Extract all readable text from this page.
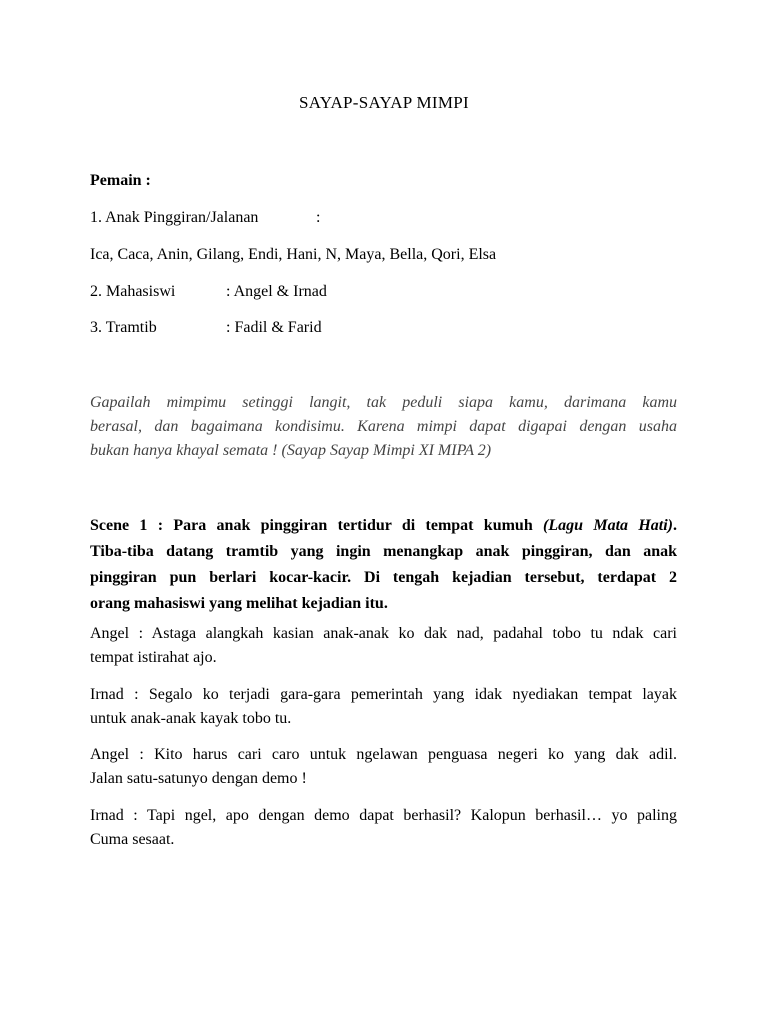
SAYAP-SAYAP MIMPI
Pemain :
1. Anak Pinggiran/Jalanan	:
Ica, Caca, Anin, Gilang, Endi, Hani, N, Maya, Bella, Qori, Elsa
2. Mahasiswi	: Angel & Irnad
3. Tramtib	: Fadil & Farid
Gapailah mimpimu setinggi langit, tak peduli siapa kamu, darimana kamu
berasal, dan bagaimana kondisimu. Karena mimpi dapat digapai dengan usaha
bukan hanya khayal semata ! (Sayap Sayap Mimpi XI MIPA 2)
Scene 1 : Para anak pinggiran tertidur di tempat kumuh (Lagu Mata Hati).
Tiba-tiba datang tramtib yang ingin menangkap anak pinggiran, dan anak
pinggiran pun berlari kocar-kacir. Di tengah kejadian tersebut, terdapat 2
orang mahasiswi yang melihat kejadian itu.
Angel : Astaga alangkah kasian anak-anak ko dak nad, padahal tobo tu ndak cari
tempat istirahat ajo.
Irnad : Segalo ko terjadi gara-gara pemerintah yang idak nyediakan tempat layak
untuk anak-anak kayak tobo tu.
Angel : Kito harus cari caro untuk ngelawan penguasa negeri ko yang dak adil.
Jalan satu-satunyo dengan demo !
Irnad : Tapi ngel, apo dengan demo dapat berhasil? Kalopun berhasil… yo paling
Cuma sesaat.
